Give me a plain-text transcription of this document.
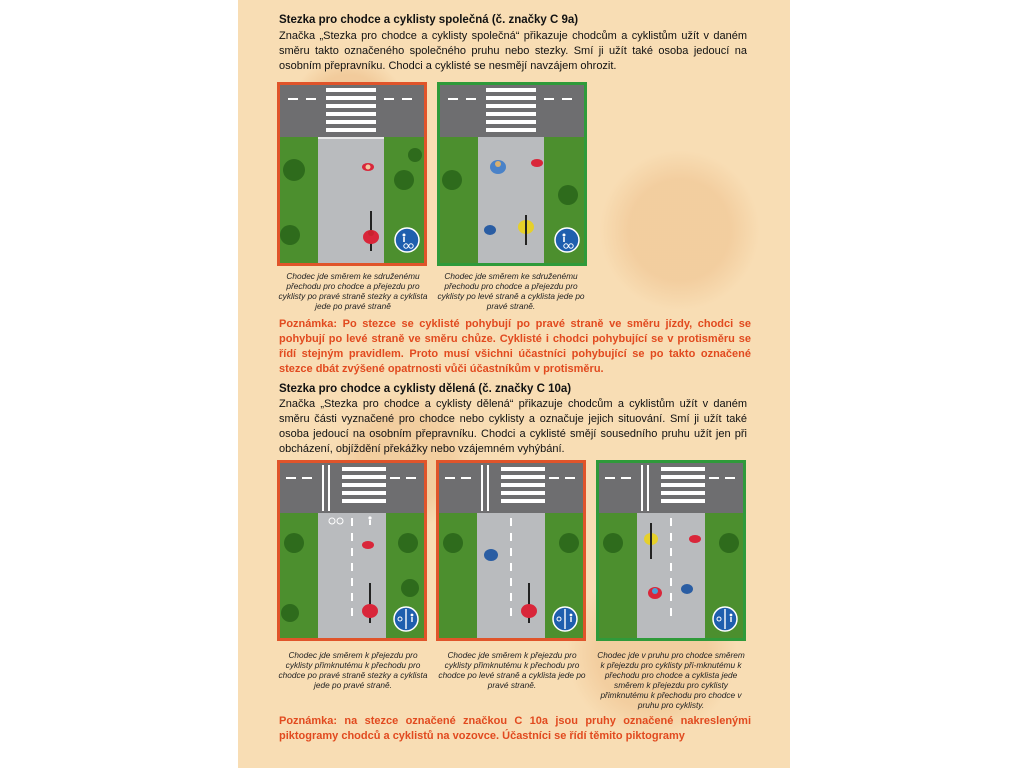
Stezka pro chodce a cyklisty společná (č. značky C 9a)
Značka „Stezka pro chodce a cyklisty společná“ přikazuje chodcům a cyklistům užít v daném směru takto označeného společného pruhu nebo stezky. Smí ji užít také osoba jedoucí na osobním přepravníku. Chodci a cyklisté se nesmějí navzájem ohrozit.
Chodec jde směrem ke sdruženému přechodu pro chodce a přejezdu pro cyklisty po pravé straně stezky a cyklista jede po pravé straně
Chodec jde směrem ke sdruženému přechodu pro chodce a přejezdu pro cyklisty po levé straně a cyklista jede po pravé straně.
Poznámka: Po stezce se cyklisté pohybují po pravé straně ve směru jízdy, chodci se pohybují po levé straně ve směru chůze. Cyklisté i chodci pohybující se v protisměru se řídí stejným pravidlem. Proto musí všichni účastníci pohybující se po takto označené stezce dbát zvýšené opatrnosti vůči účastníkům v protisměru.
Stezka pro chodce a cyklisty dělená (č. značky C 10a)
Značka „Stezka pro chodce a cyklisty dělená“ přikazuje chodcům a cyklistům užít v daném směru části vyznačené pro chodce nebo cyklisty a označuje jejich situování. Smí ji užít také osoba jedoucí na osobním přepravníku. Chodci a cyklisté smějí sousedního pruhu užít jen při obcházení, objíždění překážky nebo vzájemném vyhýbání.
Chodec jde směrem k přejezdu pro cyklisty přimknutému k přechodu pro chodce po pravé straně stezky a cyklista jede po pravé straně.
Chodec jde směrem k přejezdu pro cyklisty přimknutému k přechodu pro chodce po levé straně a cyklista jede po pravé straně.
Chodec jde v pruhu pro chodce směrem k přejezdu pro cyklisty při-mknutému k přechodu pro chodce a cyklista jede směrem k přejezdu pro cyklisty přimknutému k přechodu pro chodce v pruhu pro cyklisty.
Poznámka: na stezce označené značkou C 10a jsou pruhy označené nakreslenými piktogramy chodců a cyklistů na vozovce. Účastníci se řídí těmito piktogramy
